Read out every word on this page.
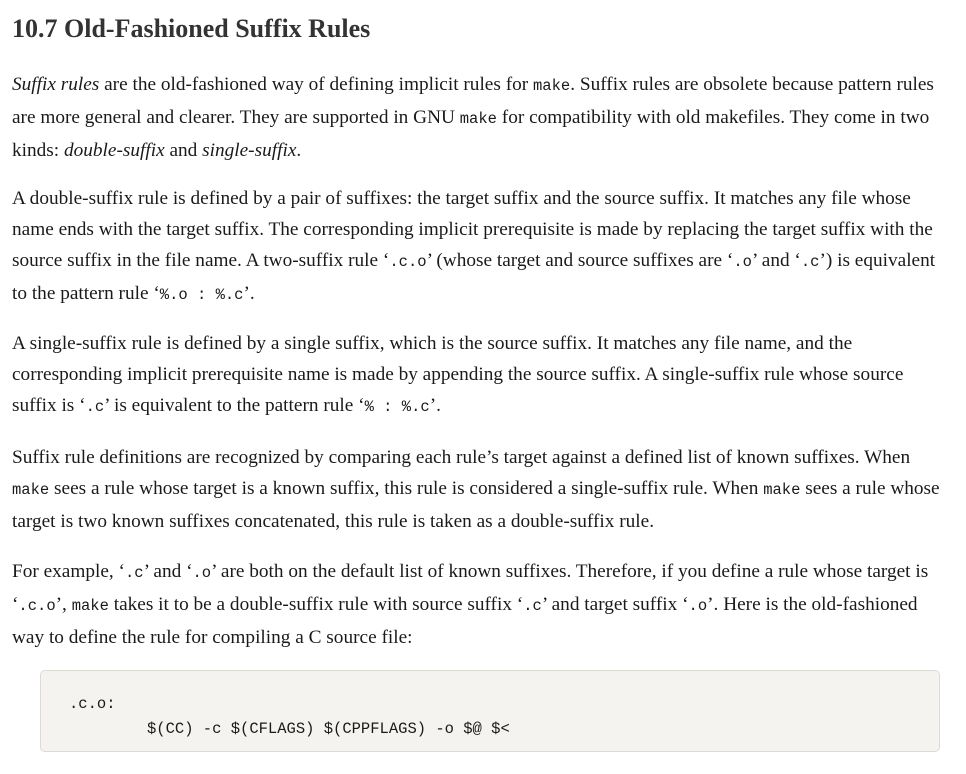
10.7 Old-Fashioned Suffix Rules

Suffix rules are the old-fashioned way of defining implicit rules for make. Suffix rules are obsolete because pattern rules are more general and clearer. They are supported in GNU make for compatibility with old makefiles. They come in two kinds: double-suffix and single-suffix.

A double-suffix rule is defined by a pair of suffixes: the target suffix and the source suffix. It matches any file whose name ends with the target suffix. The corresponding implicit prerequisite is made by replacing the target suffix with the source suffix in the file name. A two-suffix rule ‘.c.o’ (whose target and source suffixes are ‘.o’ and ‘.c’) is equivalent to the pattern rule ‘%.o : %.c’.

A single-suffix rule is defined by a single suffix, which is the source suffix. It matches any file name, and the corresponding implicit prerequisite name is made by appending the source suffix. A single-suffix rule whose source suffix is ‘.c’ is equivalent to the pattern rule ‘% : %.c’.

Suffix rule definitions are recognized by comparing each rule’s target against a defined list of known suffixes. When make sees a rule whose target is a known suffix, this rule is considered a single-suffix rule. When make sees a rule whose target is two known suffixes concatenated, this rule is taken as a double-suffix rule.

For example, ‘.c’ and ‘.o’ are both on the default list of known suffixes. Therefore, if you define a rule whose target is ‘.c.o’, make takes it to be a double-suffix rule with source suffix ‘.c’ and target suffix ‘.o’. Here is the old-fashioned way to define the rule for compiling a C source file:

.c.o:
$(CC) -c $(CFLAGS) $(CPPFLAGS) -o $@ $<
